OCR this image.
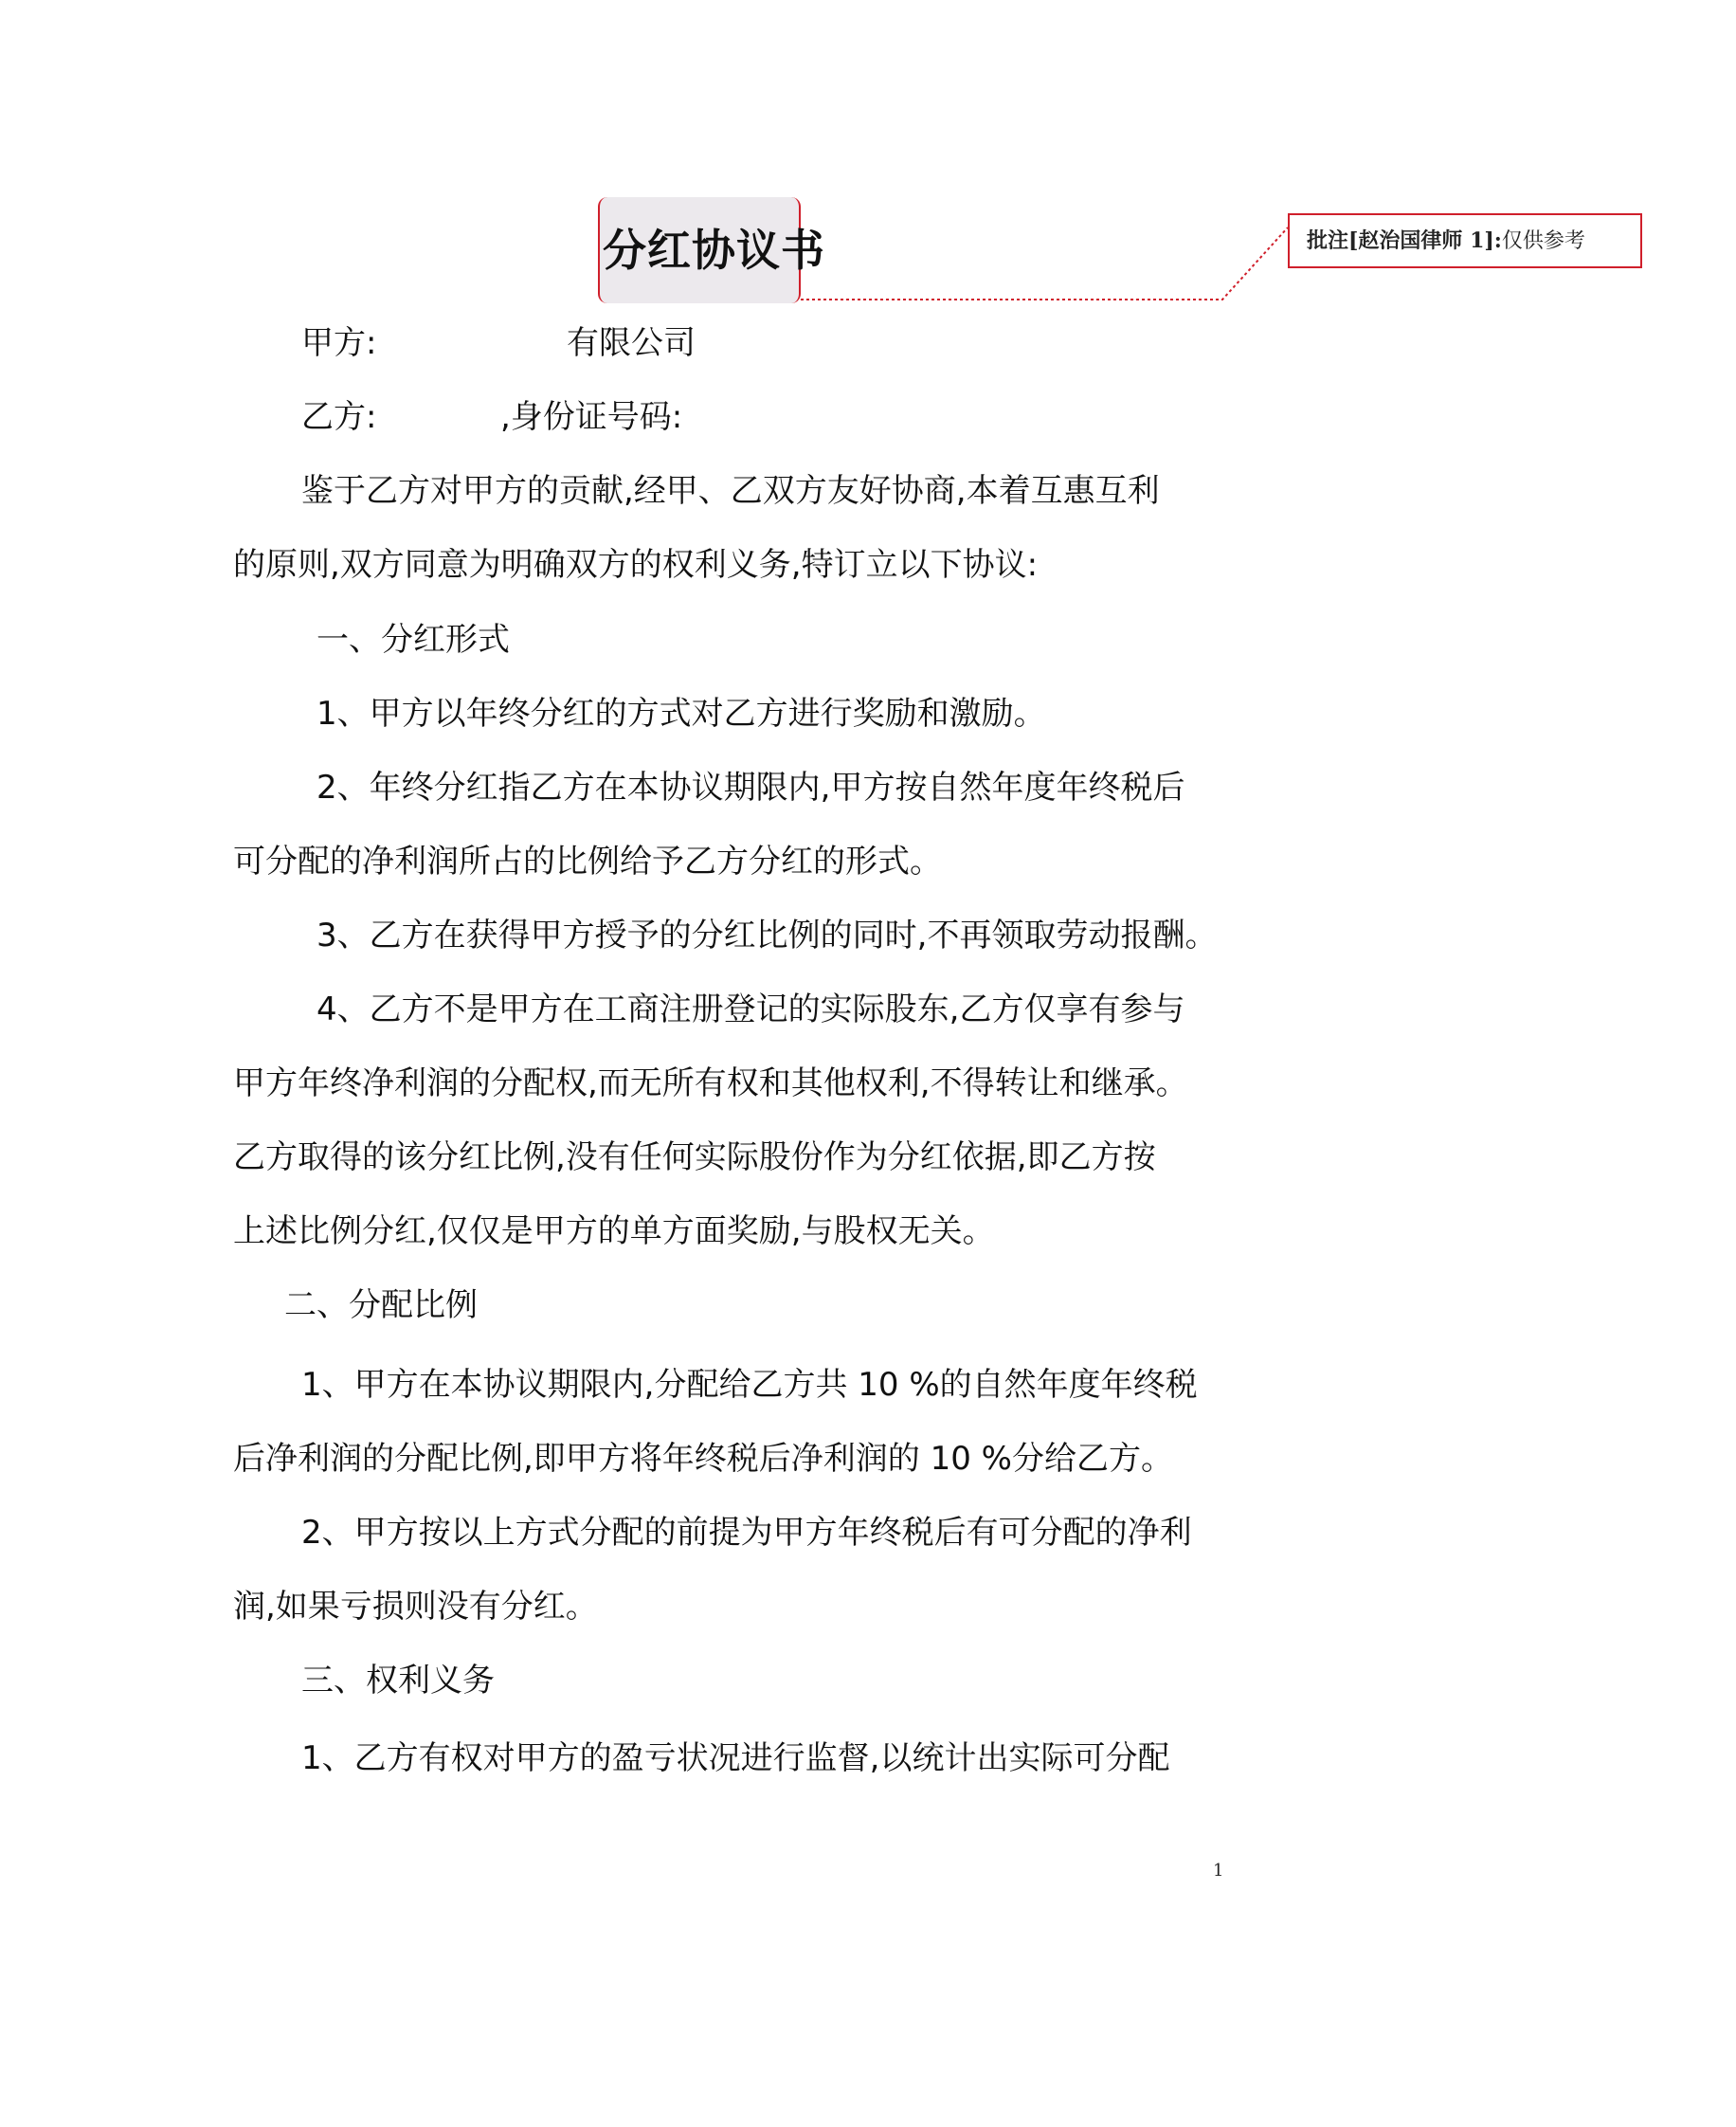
分红协议书	批注[赵治国律师 1]:仅供参考
甲方:	有限公司
乙方:	,身份证号码:
鉴于乙方对甲方的贡献,经甲、乙双方友好协商,本着互惠互利
的原则,双方同意为明确双方的权利义务,特订立以下协议:
一、分红形式
1、甲方以年终分红的方式对乙方进行奖励和激励。
2、年终分红指乙方在本协议期限内,甲方按自然年度年终税后
可分配的净利润所占的比例给予乙方分红的形式。
3、乙方在获得甲方授予的分红比例的同时,不再领取劳动报酬。
4、乙方不是甲方在工商注册登记的实际股东,乙方仅享有参与
甲方年终净利润的分配权,而无所有权和其他权利,不得转让和继承。
乙方取得的该分红比例,没有任何实际股份作为分红依据,即乙方按
上述比例分红,仅仅是甲方的单方面奖励,与股权无关。
二、分配比例
1、甲方在本协议期限内,分配给乙方共 10 %的自然年度年终税
后净利润的分配比例,即甲方将年终税后净利润的 10 %分给乙方。
2、甲方按以上方式分配的前提为甲方年终税后有可分配的净利
润,如果亏损则没有分红。
三、权利义务
1、乙方有权对甲方的盈亏状况进行监督,以统计出实际可分配
1
